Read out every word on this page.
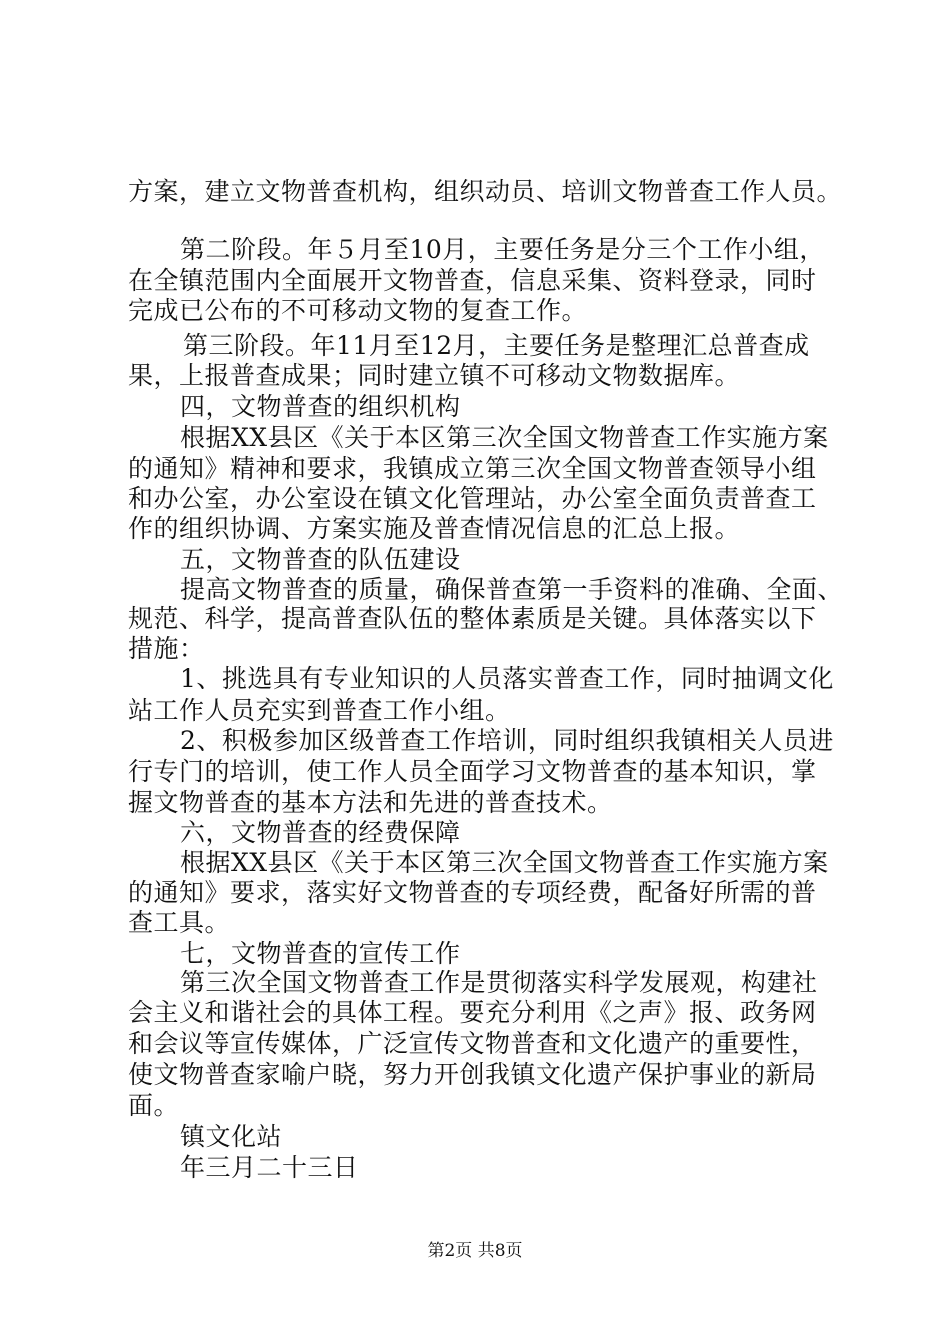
方案，建立文物普查机构，组织动员、培训文物普查工作人员。
第二阶段。年５月至10月，主要任务是分三个工作小组，
在全镇范围内全面展开文物普查，信息采集、资料登录，同时
完成已公布的不可移动文物的复查工作。
第三阶段。年11月至12月，主要任务是整理汇总普查成
果，上报普查成果；同时建立镇不可移动文物数据库。
四，文物普查的组织机构
根据XX县区《关于本区第三次全国文物普查工作实施方案
的通知》精神和要求，我镇成立第三次全国文物普查领导小组
和办公室，办公室设在镇文化管理站，办公室全面负责普查工
作的组织协调、方案实施及普查情况信息的汇总上报。
五，文物普查的队伍建设
提高文物普查的质量，确保普查第一手资料的准确、全面、
规范、科学，提高普查队伍的整体素质是关键。具体落实以下
措施：
1、挑选具有专业知识的人员落实普查工作，同时抽调文化
站工作人员充实到普查工作小组。
2、积极参加区级普查工作培训，同时组织我镇相关人员进
行专门的培训，使工作人员全面学习文物普查的基本知识，掌
握文物普查的基本方法和先进的普查技术。
六，文物普查的经费保障
根据XX县区《关于本区第三次全国文物普查工作实施方案
的通知》要求，落实好文物普查的专项经费，配备好所需的普
查工具。
七，文物普查的宣传工作
第三次全国文物普查工作是贯彻落实科学发展观，构建社
会主义和谐社会的具体工程。要充分利用《之声》报、政务网
和会议等宣传媒体，广泛宣传文物普查和文化遗产的重要性，
使文物普查家喻户晓，努力开创我镇文化遗产保护事业的新局
面。
镇文化站
年三月二十三日
第2页 共8页
